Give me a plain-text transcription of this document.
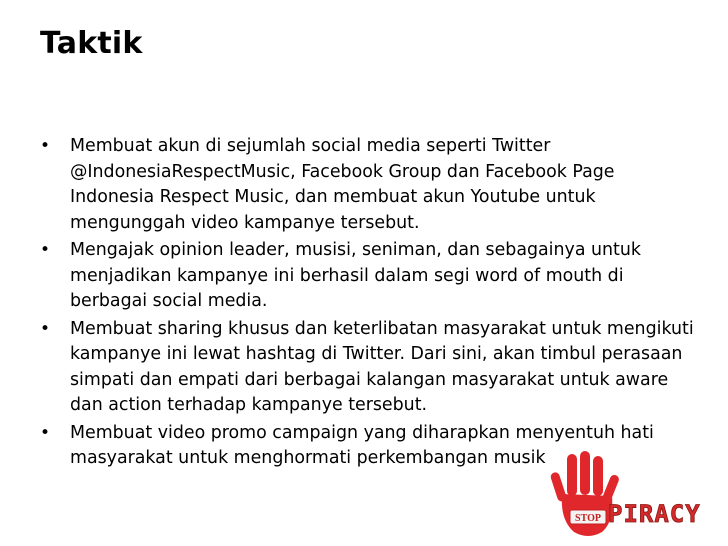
Taktik
•	Membuat akun di sejumlah social media seperti Twitter @IndonesiaRespectMusic, Facebook Group dan Facebook Page Indonesia Respect Music, dan membuat akun Youtube untuk mengunggah video kampanye tersebut.
•	Mengajak opinion leader, musisi, seniman, dan sebagainya untuk menjadikan kampanye ini berhasil dalam segi word of mouth di berbagai social media.
•	Membuat sharing khusus dan keterlibatan masyarakat untuk mengikuti kampanye ini lewat hashtag di Twitter. Dari sini, akan timbul perasaan simpati dan empati dari berbagai kalangan masyarakat untuk aware dan action terhadap kampanye tersebut.
•	Membuat video promo campaign yang diharapkan menyentuh hati masyarakat untuk menghormati perkembangan musik
STOP PIRACY
